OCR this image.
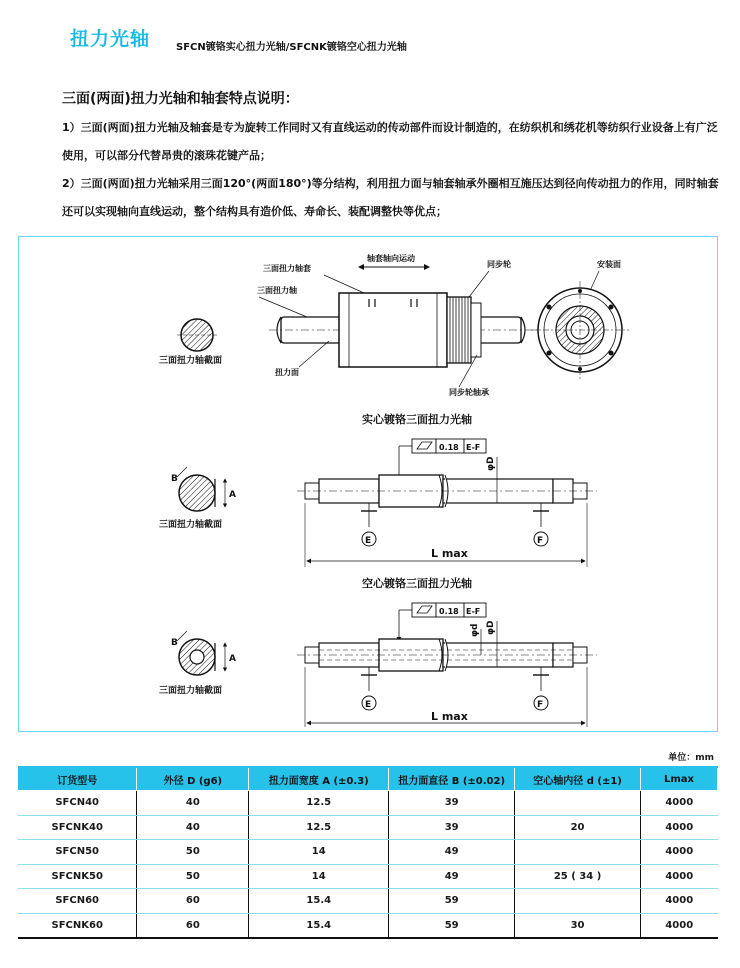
扭力光轴	SFCN镀铬实心扭力光轴/SFCNK镀铬空心扭力光轴
三面(两面)扭力光轴和轴套特点说明：
1）三面(两面)扭力光轴及轴套是专为旋转工作同时又有直线运动的传动部件而设计制造的，在纺织机和绣花机等纺织行业设备上有广泛使用，可以部分代替昂贵的滚珠花键产品；
2）三面(两面)扭力光轴采用三面120°(两面180°)等分结构，利用扭力面与轴套轴承外圈相互施压达到径向传动扭力的作用，同时轴套还可以实现轴向直线运动，整个结构具有造价低、寿命长、装配调整快等优点；
三面扭力轴截面
三面扭力轴套
轴套轴向运动
三面扭力轴
扭力面
同步轮
同步轮轴承
安装面
实心镀铬三面扭力光轴
0.18 E-F
φD
E	F
L max
B
A
三面扭力轴截面
空心镀铬三面扭力光轴
0.18 E-F
φd φD
E	F
L max
B
A
三面扭力轴截面
单位：mm
订货型号	外径 D (g6)	扭力面宽度 A (±0.3)	扭力面直径 B (±0.02)	空心轴内径 d (±1)	Lmax
SFCN40	40	12.5	39		4000
SFCNK40	40	12.5	39	20	4000
SFCN50	50	14	49		4000
SFCNK50	50	14	49	25 ( 34 )	4000
SFCN60	60	15.4	59		4000
SFCNK60	60	15.4	59	30	4000
